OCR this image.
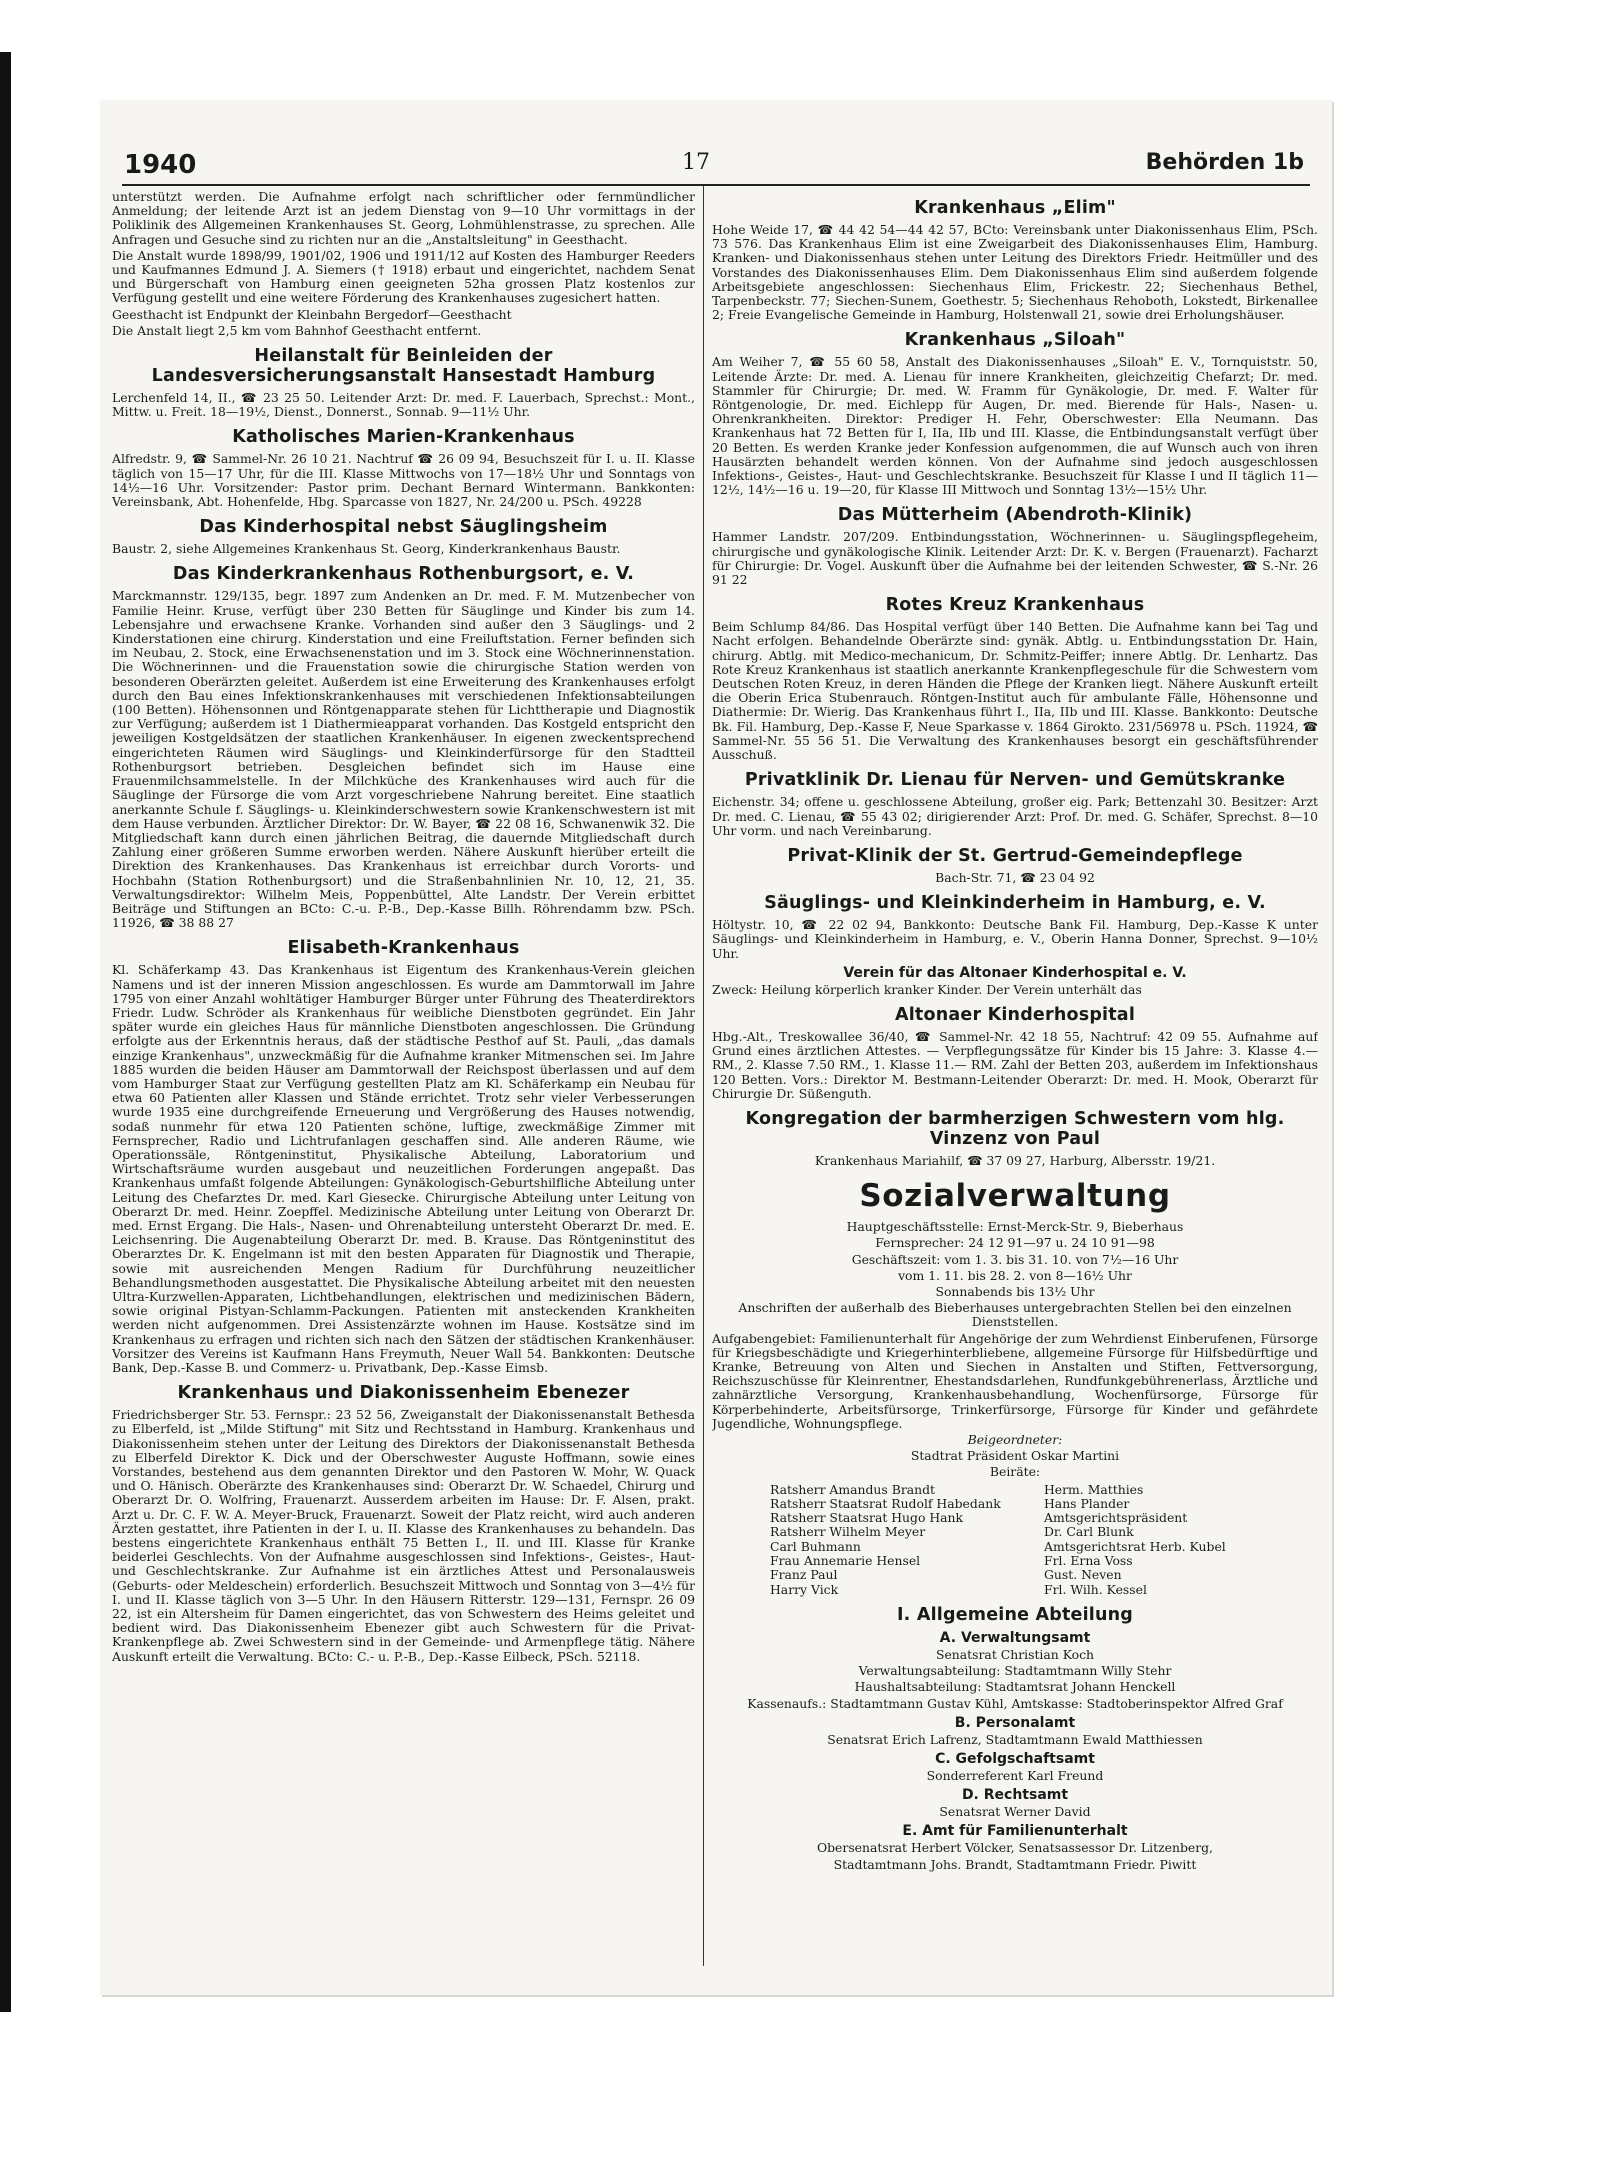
1940	17	Behörden 1b

unterstützt werden. Die Aufnahme erfolgt nach schriftlicher oder fernmündlicher Anmeldung; der leitende Arzt ist an jedem Dienstag von 9—10 Uhr vormittags in der Poliklinik des Allgemeinen Krankenhauses St. Georg, Lohmühlenstrasse, zu sprechen. Alle Anfragen und Gesuche sind zu richten nur an die „Anstaltsleitung" in Geesthacht.

Die Anstalt wurde 1898/99, 1901/02, 1906 und 1911/12 auf Kosten des Hamburger Reeders und Kaufmannes Edmund J. A. Siemers († 1918) erbaut und eingerichtet, nachdem Senat und Bürgerschaft von Hamburg einen geeigneten 52ha grossen Platz kostenlos zur Verfügung gestellt und eine weitere Förderung des Krankenhauses zugesichert hatten.

Geesthacht ist Endpunkt der Kleinbahn Bergedorf—Geesthacht

Die Anstalt liegt 2,5 km vom Bahnhof Geesthacht entfernt.

Heilanstalt für Beinleiden der Landesversicherungsanstalt Hansestadt Hamburg

Lerchenfeld 14, II., ☎ 23 25 50. Leitender Arzt: Dr. med. F. Lauerbach, Sprechst.: Mont., Mittw. u. Freit. 18—19½, Dienst., Donnerst., Sonnab. 9—11½ Uhr.

Katholisches Marien-Krankenhaus

Alfredstr. 9, ☎ Sammel-Nr. 26 10 21. Nachtruf ☎ 26 09 94, Besuchszeit für I. u. II. Klasse täglich von 15—17 Uhr, für die III. Klasse Mittwochs von 17—18½ Uhr und Sonntags von 14½—16 Uhr. Vorsitzender: Pastor prim. Dechant Bernard Wintermann. Bankkonten: Vereinsbank, Abt. Hohenfelde, Hbg. Sparcasse von 1827, Nr. 24/200 u. PSch. 49228

Das Kinderhospital nebst Säuglingsheim

Baustr. 2, siehe Allgemeines Krankenhaus St. Georg, Kinderkrankenhaus Baustr.

Das Kinderkrankenhaus Rothenburgsort, e. V.

Marckmannstr. 129/135, begr. 1897 zum Andenken an Dr. med. F. M. Mutzenbecher von Familie Heinr. Kruse, verfügt über 230 Betten für Säuglinge und Kinder bis zum 14. Lebensjahre und erwachsene Kranke. Vorhanden sind außer den 3 Säuglings- und 2 Kinderstationen eine chirurg. Kinderstation und eine Freiluftstation. Ferner befinden sich im Neubau, 2. Stock, eine Erwachsenenstation und im 3. Stock eine Wöchnerinnenstation. Die Wöchnerinnen- und die Frauenstation sowie die chirurgische Station werden von besonderen Oberärzten geleitet. Außerdem ist eine Erweiterung des Krankenhauses erfolgt durch den Bau eines Infektionskrankenhauses mit verschiedenen Infektionsabteilungen (100 Betten). Höhensonnen und Röntgenapparate stehen für Lichttherapie und Diagnostik zur Verfügung; außerdem ist 1 Diathermieapparat vorhanden. Das Kostgeld entspricht den jeweiligen Kostgeldsätzen der staatlichen Krankenhäuser. In eigenen zweckentsprechend eingerichteten Räumen wird Säuglings- und Kleinkinderfürsorge für den Stadtteil Rothenburgsort betrieben. Desgleichen befindet sich im Hause eine Frauenmilchsammelstelle. In der Milchküche des Krankenhauses wird auch für die Säuglinge der Fürsorge die vom Arzt vorgeschriebene Nahrung bereitet. Eine staatlich anerkannte Schule f. Säuglings- u. Kleinkinderschwestern sowie Krankenschwestern ist mit dem Hause verbunden. Ärztlicher Direktor: Dr. W. Bayer, ☎ 22 08 16, Schwanenwik 32. Die Mitgliedschaft kann durch einen jährlichen Beitrag, die dauernde Mitgliedschaft durch Zahlung einer größeren Summe erworben werden. Nähere Auskunft hierüber erteilt die Direktion des Krankenhauses. Das Krankenhaus ist erreichbar durch Vororts- und Hochbahn (Station Rothenburgsort) und die Straßenbahnlinien Nr. 10, 12, 21, 35. Verwaltungsdirektor: Wilhelm Meis, Poppenbüttel, Alte Landstr. Der Verein erbittet Beiträge und Stiftungen an BCto: C.-u. P.-B., Dep.-Kasse Billh. Röhrendamm bzw. PSch. 11926, ☎ 38 88 27

Elisabeth-Krankenhaus

Kl. Schäferkamp 43. Das Krankenhaus ist Eigentum des Krankenhaus-Verein gleichen Namens und ist der inneren Mission angeschlossen. Es wurde am Dammtorwall im Jahre 1795 von einer Anzahl wohltätiger Hamburger Bürger unter Führung des Theaterdirektors Friedr. Ludw. Schröder als Krankenhaus für weibliche Dienstboten gegründet. Ein Jahr später wurde ein gleiches Haus für männliche Dienstboten angeschlossen. Die Gründung erfolgte aus der Erkenntnis heraus, daß der städtische Pesthof auf St. Pauli, „das damals einzige Krankenhaus", unzweckmäßig für die Aufnahme kranker Mitmenschen sei. Im Jahre 1885 wurden die beiden Häuser am Dammtorwall der Reichspost überlassen und auf dem vom Hamburger Staat zur Verfügung gestellten Platz am Kl. Schäferkamp ein Neubau für etwa 60 Patienten aller Klassen und Stände errichtet. Trotz sehr vieler Verbesserungen wurde 1935 eine durchgreifende Erneuerung und Vergrößerung des Hauses notwendig, sodaß nunmehr für etwa 120 Patienten schöne, luftige, zweckmäßige Zimmer mit Fernsprecher, Radio und Lichtrufanlagen geschaffen sind. Alle anderen Räume, wie Operationssäle, Röntgeninstitut, Physikalische Abteilung, Laboratorium und Wirtschaftsräume wurden ausgebaut und neuzeitlichen Forderungen angepaßt. Das Krankenhaus umfaßt folgende Abteilungen: Gynäkologisch-Geburtshilfliche Abteilung unter Leitung des Chefarztes Dr. med. Karl Giesecke. Chirurgische Abteilung unter Leitung von Oberarzt Dr. med. Heinr. Zoepffel. Medizinische Abteilung unter Leitung von Oberarzt Dr. med. Ernst Ergang. Die Hals-, Nasen- und Ohrenabteilung untersteht Oberarzt Dr. med. E. Leichsenring. Die Augenabteilung Oberarzt Dr. med. B. Krause. Das Röntgeninstitut des Oberarztes Dr. K. Engelmann ist mit den besten Apparaten für Diagnostik und Therapie, sowie mit ausreichenden Mengen Radium für Durchführung neuzeitlicher Behandlungsmethoden ausgestattet. Die Physikalische Abteilung arbeitet mit den neuesten Ultra-Kurzwellen-Apparaten, Lichtbehandlungen, elektrischen und medizinischen Bädern, sowie original Pistyan-Schlamm-Packungen. Patienten mit ansteckenden Krankheiten werden nicht aufgenommen. Drei Assistenzärzte wohnen im Hause. Kostsätze sind im Krankenhaus zu erfragen und richten sich nach den Sätzen der städtischen Krankenhäuser. Vorsitzer des Vereins ist Kaufmann Hans Freymuth, Neuer Wall 54. Bankkonten: Deutsche Bank, Dep.-Kasse B. und Commerz- u. Privatbank, Dep.-Kasse Eimsb.

Krankenhaus und Diakonissenheim Ebenezer

Friedrichsberger Str. 53. Fernspr.: 23 52 56, Zweiganstalt der Diakonissenanstalt Bethesda zu Elberfeld, ist „Milde Stiftung" mit Sitz und Rechtsstand in Hamburg. Krankenhaus und Diakonissenheim stehen unter der Leitung des Direktors der Diakonissenanstalt Bethesda zu Elberfeld Direktor K. Dick und der Oberschwester Auguste Hoffmann, sowie eines Vorstandes, bestehend aus dem genannten Direktor und den Pastoren W. Mohr, W. Quack und O. Hänisch. Oberärzte des Krankenhauses sind: Oberarzt Dr. W. Schaedel, Chirurg und Oberarzt Dr. O. Wolfring, Frauenarzt. Ausserdem arbeiten im Hause: Dr. F. Alsen, prakt. Arzt u. Dr. C. F. W. A. Meyer-Bruck, Frauenarzt. Soweit der Platz reicht, wird auch anderen Ärzten gestattet, ihre Patienten in der I. u. II. Klasse des Krankenhauses zu behandeln. Das bestens eingerichtete Krankenhaus enthält 75 Betten I., II. und III. Klasse für Kranke beiderlei Geschlechts. Von der Aufnahme ausgeschlossen sind Infektions-, Geistes-, Haut- und Geschlechtskranke. Zur Aufnahme ist ein ärztliches Attest und Personalausweis (Geburts- oder Meldeschein) erforderlich. Besuchszeit Mittwoch und Sonntag von 3—4½ für I. und II. Klasse täglich von 3—5 Uhr. In den Häusern Ritterstr. 129—131, Fernspr. 26 09 22, ist ein Altersheim für Damen eingerichtet, das von Schwestern des Heims geleitet und bedient wird. Das Diakonissenheim Ebenezer gibt auch Schwestern für die Privat-Krankenpflege ab. Zwei Schwestern sind in der Gemeinde- und Armenpflege tätig. Nähere Auskunft erteilt die Verwaltung. BCto: C.- u. P.-B., Dep.-Kasse Eilbeck, PSch. 52118.

Krankenhaus „Elim"

Hohe Weide 17, ☎ 44 42 54—44 42 57, BCto: Vereinsbank unter Diakonissenhaus Elim, PSch. 73 576. Das Krankenhaus Elim ist eine Zweigarbeit des Diakonissenhauses Elim, Hamburg. Kranken- und Diakonissenhaus stehen unter Leitung des Direktors Friedr. Heitmüller und des Vorstandes des Diakonissenhauses Elim. Dem Diakonissenhaus Elim sind außerdem folgende Arbeitsgebiete angeschlossen: Siechenhaus Elim, Frickestr. 22; Siechenhaus Bethel, Tarpenbeckstr. 77; Siechen-Sunem, Goethestr. 5; Siechenhaus Rehoboth, Lokstedt, Birkenallee 2; Freie Evangelische Gemeinde in Hamburg, Holstenwall 21, sowie drei Erholungshäuser.

Krankenhaus „Siloah"

Am Weiher 7, ☎ 55 60 58, Anstalt des Diakonissenhauses „Siloah" E. V., Tornquiststr. 50, Leitende Ärzte: Dr. med. A. Lienau für innere Krankheiten, gleichzeitig Chefarzt; Dr. med. Stammler für Chirurgie; Dr. med. W. Framm für Gynäkologie, Dr. med. F. Walter für Röntgenologie, Dr. med. Eichlepp für Augen, Dr. med. Bierende für Hals-, Nasen- u. Ohrenkrankheiten. Direktor: Prediger H. Fehr, Oberschwester: Ella Neumann. Das Krankenhaus hat 72 Betten für I, IIa, IIb und III. Klasse, die Entbindungsanstalt verfügt über 20 Betten. Es werden Kranke jeder Konfession aufgenommen, die auf Wunsch auch von ihren Hausärzten behandelt werden können. Von der Aufnahme sind jedoch ausgeschlossen Infektions-, Geistes-, Haut- und Geschlechtskranke. Besuchszeit für Klasse I und II täglich 11—12½, 14½—16 u. 19—20, für Klasse III Mittwoch und Sonntag 13½—15½ Uhr.

Das Mütterheim (Abendroth-Klinik)

Hammer Landstr. 207/209. Entbindungsstation, Wöchnerinnen- u. Säuglingspflegeheim, chirurgische und gynäkologische Klinik. Leitender Arzt: Dr. K. v. Bergen (Frauenarzt). Facharzt für Chirurgie: Dr. Vogel. Auskunft über die Aufnahme bei der leitenden Schwester, ☎ S.-Nr. 26 91 22

Rotes Kreuz Krankenhaus

Beim Schlump 84/86. Das Hospital verfügt über 140 Betten. Die Aufnahme kann bei Tag und Nacht erfolgen. Behandelnde Oberärzte sind: gynäk. Abtlg. u. Entbindungsstation Dr. Hain, chirurg. Abtlg. mit Medico-mechanicum, Dr. Schmitz-Peiffer; innere Abtlg. Dr. Lenhartz. Das Rote Kreuz Krankenhaus ist staatlich anerkannte Krankenpflegeschule für die Schwestern vom Deutschen Roten Kreuz, in deren Händen die Pflege der Kranken liegt. Nähere Auskunft erteilt die Oberin Erica Stubenrauch. Röntgen-Institut auch für ambulante Fälle, Höhensonne und Diathermie: Dr. Wierig. Das Krankenhaus führt I., IIa, IIb und III. Klasse. Bankkonto: Deutsche Bk. Fil. Hamburg, Dep.-Kasse F, Neue Sparkasse v. 1864 Girokto. 231/56978 u. PSch. 11924, ☎ Sammel-Nr. 55 56 51. Die Verwaltung des Krankenhauses besorgt ein geschäftsführender Ausschuß.

Privatklinik Dr. Lienau für Nerven- und Gemütskranke

Eichenstr. 34; offene u. geschlossene Abteilung, großer eig. Park; Bettenzahl 30. Besitzer: Arzt Dr. med. C. Lienau, ☎ 55 43 02; dirigierender Arzt: Prof. Dr. med. G. Schäfer, Sprechst. 8—10 Uhr vorm. und nach Vereinbarung.

Privat-Klinik der St. Gertrud-Gemeindepflege

Bach-Str. 71, ☎ 23 04 92

Säuglings- und Kleinkinderheim in Hamburg, e. V.

Höltystr. 10, ☎ 22 02 94, Bankkonto: Deutsche Bank Fil. Hamburg, Dep.-Kasse K unter Säuglings- und Kleinkinderheim in Hamburg, e. V., Oberin Hanna Donner, Sprechst. 9—10½ Uhr.

Verein für das Altonaer Kinderhospital e. V.

Zweck: Heilung körperlich kranker Kinder. Der Verein unterhält das

Altonaer Kinderhospital

Hbg.-Alt., Treskowallee 36/40, ☎ Sammel-Nr. 42 18 55, Nachtruf: 42 09 55. Aufnahme auf Grund eines ärztlichen Attestes. — Verpflegungssätze für Kinder bis 15 Jahre: 3. Klasse 4.— RM., 2. Klasse 7.50 RM., 1. Klasse 11.— RM. Zahl der Betten 203, außerdem im Infektionshaus 120 Betten. Vors.: Direktor M. Bestmann-Leitender Oberarzt: Dr. med. H. Mook, Oberarzt für Chirurgie Dr. Süßenguth.

Kongregation der barmherzigen Schwestern vom hlg. Vinzenz von Paul

Krankenhaus Mariahilf, ☎ 37 09 27, Harburg, Albersstr. 19/21.

Sozialverwaltung

Hauptgeschäftsstelle: Ernst-Merck-Str. 9, Bieberhaus

Fernsprecher: 24 12 91—97 u. 24 10 91—98

Geschäftszeit: vom 1. 3. bis 31. 10. von 7½—16 Uhr

vom 1. 11. bis 28. 2. von 8—16½ Uhr

Sonnabends bis 13½ Uhr

Anschriften der außerhalb des Bieberhauses untergebrachten Stellen bei den einzelnen Dienststellen.

Aufgabengebiet: Familienunterhalt für Angehörige der zum Wehrdienst Einberufenen, Fürsorge für Kriegsbeschädigte und Kriegerhinterbliebene, allgemeine Fürsorge für Hilfsbedürftige und Kranke, Betreuung von Alten und Siechen in Anstalten und Stiften, Fettversorgung, Reichszuschüsse für Kleinrentner, Ehestandsdarlehen, Rundfunkgebührenerlass, Ärztliche und zahnärztliche Versorgung, Krankenhausbehandlung, Wochenfürsorge, Fürsorge für Körperbehinderte, Arbeitsfürsorge, Trinkerfürsorge, Fürsorge für Kinder und gefährdete Jugendliche, Wohnungspflege.

Beigeordneter:

Stadtrat Präsident Oskar Martini

Beiräte:

Ratsherr Amandus Brandt	Herm. Matthies
Ratsherr Staatsrat Rudolf Habedank	Hans Plander
Ratsherr Staatsrat Hugo Hank	Amtsgerichtspräsident
Ratsherr Wilhelm Meyer	Dr. Carl Blunk
Carl Buhmann	Amtsgerichtsrat Herb. Kubel
Frau Annemarie Hensel	Frl. Erna Voss
Franz Paul	Gust. Neven
Harry Vick	Frl. Wilh. Kessel
I. Allgemeine Abteilung
A. Verwaltungsamt

Senatsrat Christian Koch

Verwaltungsabteilung: Stadtamtmann Willy Stehr

Haushaltsabteilung: Stadtamtsrat Johann Henckell

Kassenaufs.: Stadtamtmann Gustav Kühl, Amtskasse: Stadtoberinspektor Alfred Graf

B. Personalamt

Senatsrat Erich Lafrenz, Stadtamtmann Ewald Matthiessen

C. Gefolgschaftsamt

Sonderreferent Karl Freund

D. Rechtsamt

Senatsrat Werner David

E. Amt für Familienunterhalt

Obersenatsrat Herbert Völcker, Senatsassessor Dr. Litzenberg,

Stadtamtmann Johs. Brandt, Stadtamtmann Friedr. Piwitt
